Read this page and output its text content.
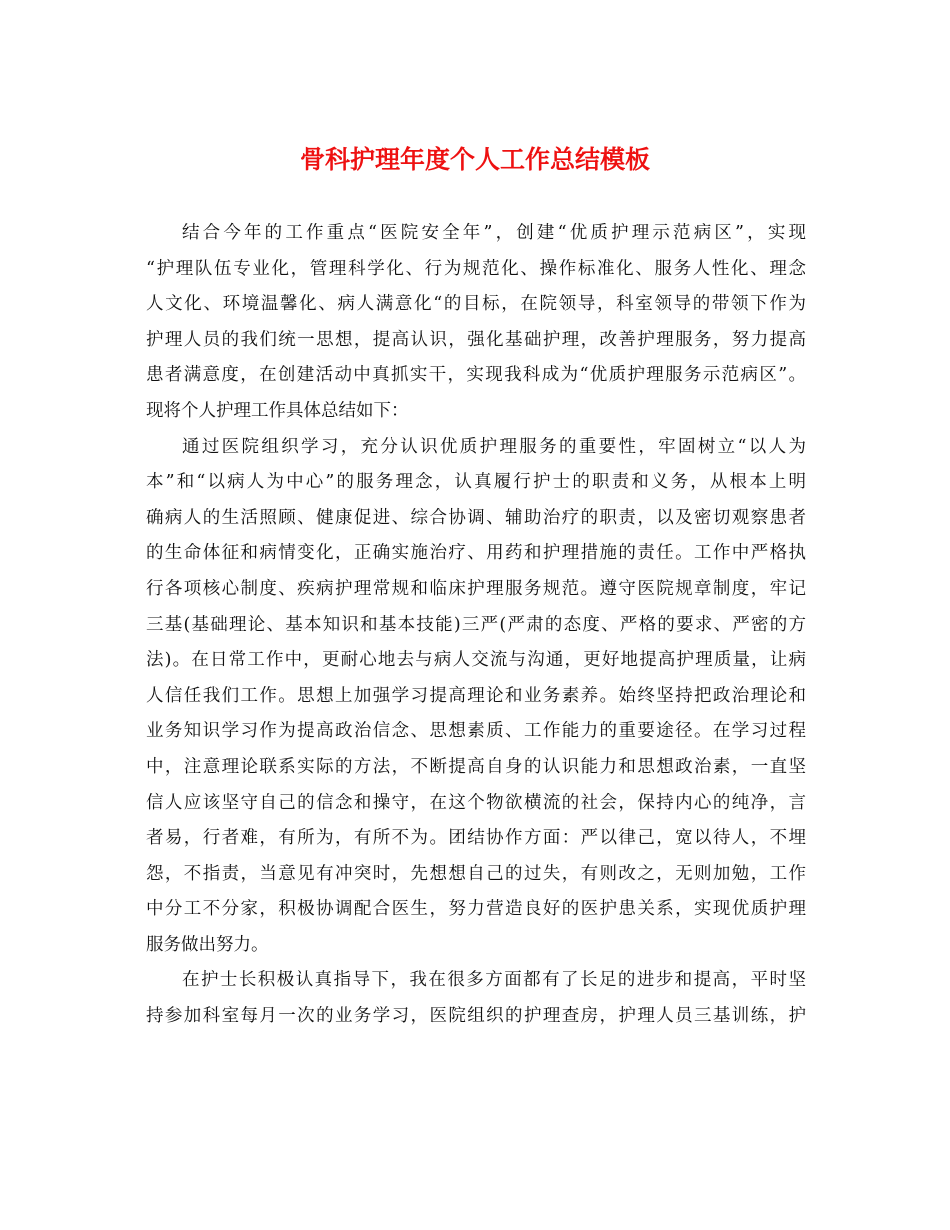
骨科护理年度个人工作总结模板
结合今年的工作重点“医院安全年”，创建“优质护理示范病区”，实现
“护理队伍专业化，管理科学化、行为规范化、操作标准化、服务人性化、理念
人文化、环境温馨化、病人满意化“的目标，在院领导，科室领导的带领下作为
护理人员的我们统一思想，提高认识，强化基础护理，改善护理服务，努力提高
患者满意度，在创建活动中真抓实干，实现我科成为“优质护理服务示范病区”。
现将个人护理工作具体总结如下：
通过医院组织学习，充分认识优质护理服务的重要性，牢固树立“以人为
本”和“以病人为中心”的服务理念，认真履行护士的职责和义务，从根本上明
确病人的生活照顾、健康促进、综合协调、辅助治疗的职责，以及密切观察患者
的生命体征和病情变化，正确实施治疗、用药和护理措施的责任。工作中严格执
行各项核心制度、疾病护理常规和临床护理服务规范。遵守医院规章制度，牢记
三基(基础理论、基本知识和基本技能)三严(严肃的态度、严格的要求、严密的方
法)。在日常工作中，更耐心地去与病人交流与沟通，更好地提高护理质量，让病
人信任我们工作。思想上加强学习提高理论和业务素养。始终坚持把政治理论和
业务知识学习作为提高政治信念、思想素质、工作能力的重要途径。在学习过程
中，注意理论联系实际的方法，不断提高自身的认识能力和思想政治素，一直坚
信人应该坚守自己的信念和操守，在这个物欲横流的社会，保持内心的纯净，言
者易，行者难，有所为，有所不为。团结协作方面：严以律己，宽以待人，不埋
怨，不指责，当意见有冲突时，先想想自己的过失，有则改之，无则加勉，工作
中分工不分家，积极协调配合医生，努力营造良好的医护患关系，实现优质护理
服务做出努力。
在护士长积极认真指导下，我在很多方面都有了长足的进步和提高，平时坚
持参加科室每月一次的业务学习，医院组织的护理查房，护理人员三基训练，护
